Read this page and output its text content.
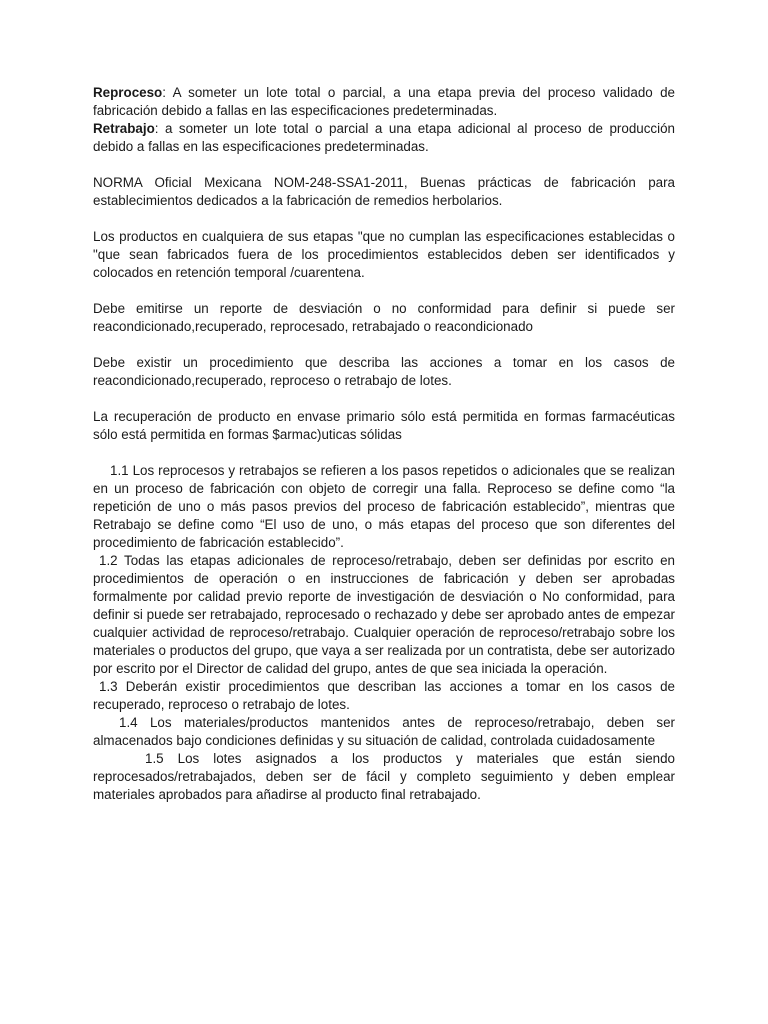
Reproceso: A someter un lote total o parcial, a una etapa previa del proceso validado de fabricación debido a fallas en las especificaciones predeterminadas.

Retrabajo: a someter un lote total o parcial a una etapa adicional al proceso de producción debido a fallas en las especificaciones predeterminadas.

NORMA Oficial Mexicana NOM-248-SSA1-2011, Buenas prácticas de fabricación para establecimientos dedicados a la fabricación de remedios herbolarios.

Los productos en cualquiera de sus etapas "que no cumplan las especificaciones establecidas o "que sean fabricados fuera de los procedimientos establecidos deben ser identificados y colocados en retención temporal /cuarentena.

Debe emitirse un reporte de desviación o no conformidad para definir si puede ser reacondicionado,recuperado, reprocesado, retrabajado o reacondicionado

Debe existir un procedimiento que describa las acciones a tomar en los casos de reacondicionado,recuperado, reproceso o retrabajo de lotes.

La recuperación de producto en envase primario sólo está permitida en formas farmacéuticas sólo está permitida en formas $armac)uticas sólidas

1.1 Los reprocesos y retrabajos se refieren a los pasos repetidos o adicionales que se realizan en un proceso de fabricación con objeto de corregir una falla. Reproceso se define como “la repetición de uno o más pasos previos del proceso de fabricación establecido”, mientras que Retrabajo se define como “El uso de uno, o más etapas del proceso que son diferentes del procedimiento de fabricación establecido”.

1.2 Todas las etapas adicionales de reproceso/retrabajo, deben ser definidas por escrito en procedimientos de operación o en instrucciones de fabricación y deben ser aprobadas formalmente por calidad previo reporte de investigación de desviación o No conformidad, para definir si puede ser retrabajado, reprocesado o rechazado y debe ser aprobado antes de empezar cualquier actividad de reproceso/retrabajo. Cualquier operación de reproceso/retrabajo sobre los materiales o productos del grupo, que vaya a ser realizada por un contratista, debe ser autorizado por escrito por el Director de calidad del grupo, antes de que sea iniciada la operación.

1.3 Deberán existir procedimientos que describan las acciones a tomar en los casos de recuperado, reproceso o retrabajo de lotes.

1.4 Los materiales/productos mantenidos antes de reproceso/retrabajo, deben ser almacenados bajo condiciones definidas y su situación de calidad, controlada cuidadosamente

1.5 Los lotes asignados a los productos y materiales que están siendo reprocesados/retrabajados, deben ser de fácil y completo seguimiento y deben emplear materiales aprobados para añadirse al producto final retrabajado.
